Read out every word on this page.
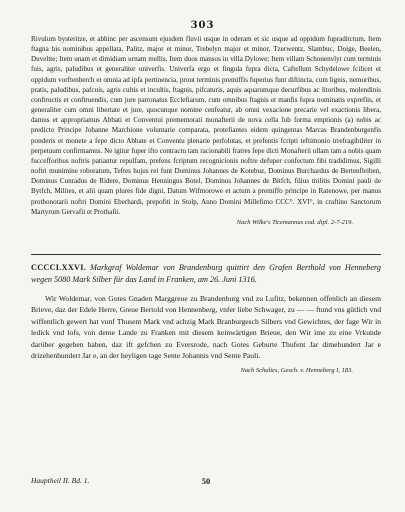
303

Rivulum bysteritze, et abhinc per ascensum ejusdem fluvii usque in oderam et sic usque ad oppidum fupraditctum, Item ftagna his nominibus appellata, Palitz, major et minor, Trebelyn major et minor, Tzerwentz, Slambuc, Doige, Beelen, Duveltte; Item unam et dimidiam urnam mellis, Item duos mansos in villa Dylowe; Item villam Schonenvlyt cum terminis fuis, agris, paludibus et generaliter univerfis. Univerfa ergo et fingula fupra dicta, Caftellum Schydelowe fcilicet et oppidum vorftenberch et omnia ad ipfa pertinencia, prout terminis premiffis fuperius funt diftincta, cum lignis, nemoribus, pratis, paludibus, pafcuis, agris cultis et incultis, ftagnis, pifcaturis, aquis aquarumque decurfibus ac litoribus, molendinis conftructis et conftruendis, cum jure patronatus Ecclefiarum, cum omnibus ftagnis et manfis fupra nominatis exprefiis, et generaliter cum omni libertate et jure, quocunque nomine cenfeatur, ab omni vexacione precarie vel exactionis libera, damus et appropriamus Abbati et Conventui prememorati monafterii de nova cella fub forma emptionis (a) nobis ac predicto Principe Johanne Marchione voluntarie comparata, protefiantes eidem quingentas Marcas Brandenburgenfis ponderis et monete a fepe dicto Abbate et Conventu plenarie perfolutas, et prefentis fcripti teftimonio irrefragibiliter in perpetuum confirmamus. Ne igitur fuper ifto contractu tam racionabili fratres fepe dicti Monafterii ullam tam a nobis quam fuccefforibus noftris patiantur repulfam, prefens fcriptum recognicionis noftre defuper confectum fibi tradidimus, Sigilli noftri munimine roboratum, Teftes hujus rei funt Dominus Johannes de Kotebuz, Dominus Burchardus de Bertenfleiben, Dominus Cunradus de Ridere, Dominus Henningus Botel, Dominus Johannes de Bitfch, filius militis Domini pauli de Bytfch, Milites, et alii quam plures fide digni, Datum Wifmorowe et actum a premiffo principe in Ratenowe, per manus prothonotarii noftri Domini Eberhardi, prepofiti in Stolp, Anno Domini Millefimo CCC°. XVI°, in craftino Sanctorum Martyrum Gervafii et Prothafii.

Nach Wilke's Ticemannus cod. dipl. 2-7-219.
CCCCLXXVI. Markgraf Woldemar von Brandenburg quittirt den Grafen Berthold von Henneberg wegen 5080 Mark Silber für das Land in Franken, am 26. Juni 1316.

Wir Woldemar, von Gotes Gnaden Marggreue zu Brandenburg vnd zu Lufitz, bekennen offenlich an diesem Brieve, daz der Edele Herre, Greue Bertold von Hennenberg, vnfer liebe Schwager, zu — — ftund vns gütlich vnd wiffentlich gewert hat vunf Thusent Mark vnd achzig Mark Branburgesch Silbers vnd Gewichtes, der fage Wir in ledick vnd lofs, von deme Lande zu Franken mit diesem keinwärtigen Brieue, den Wir ime zu eine Vrkunde darüber gegeben haben, daz ift gefchen zu Eversrode, nach Gotes Geburte Thufent Jar dimehundert Jar e drizehenhundert Jar e, an der heyligen tage Sente Johannis vnd Sente Pauli.

Nach Schultes, Gesch. v. Henneberg I, 183.
50
Hauptheil II. Bd. 1.
